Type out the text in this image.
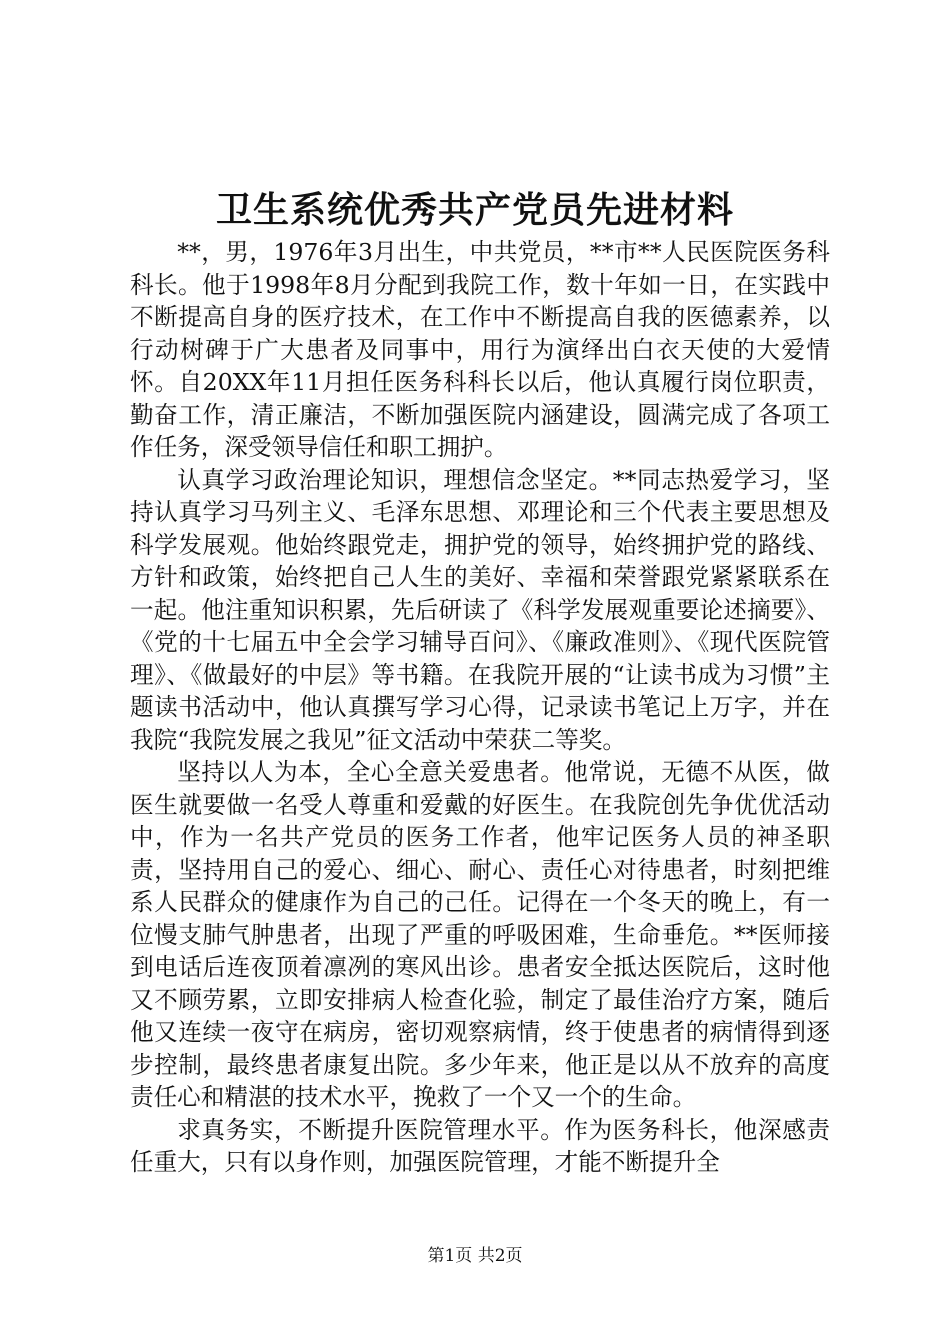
卫生系统优秀共产党员先进材料

**，男，1976年3月出生，中共党员，**市**人民医院医务科科长。他于1998年8月分配到我院工作，数十年如一日，在实践中不断提高自身的医疗技术，在工作中不断提高自我的医德素养，以行动树碑于广大患者及同事中，用行为演绎出白衣天使的大爱情怀。自20XX年11月担任医务科科长以后，他认真履行岗位职责，勤奋工作，清正廉洁，不断加强医院内涵建设，圆满完成了各项工作任务，深受领导信任和职工拥护。

认真学习政治理论知识，理想信念坚定。**同志热爱学习，坚持认真学习马列主义、毛泽东思想、邓理论和三个代表主要思想及科学发展观。他始终跟党走，拥护党的领导，始终拥护党的路线、方针和政策，始终把自己人生的美好、幸福和荣誉跟党紧紧联系在一起。他注重知识积累，先后研读了《科学发展观重要论述摘要》、《党的十七届五中全会学习辅导百问》、《廉政准则》、《现代医院管理》、《做最好的中层》等书籍。在我院开展的“让读书成为习惯”主题读书活动中，他认真撰写学习心得，记录读书笔记上万字，并在我院“我院发展之我见”征文活动中荣获二等奖。

坚持以人为本，全心全意关爱患者。他常说，无德不从医，做医生就要做一名受人尊重和爱戴的好医生。在我院创先争优优活动中，作为一名共产党员的医务工作者，他牢记医务人员的神圣职责，坚持用自己的爱心、细心、耐心、责任心对待患者，时刻把维系人民群众的健康作为自己的己任。记得在一个冬天的晚上，有一位慢支肺气肿患者，出现了严重的呼吸困难，生命垂危。**医师接到电话后连夜顶着凛冽的寒风出诊。患者安全抵达医院后，这时他又不顾劳累，立即安排病人检查化验，制定了最佳治疗方案，随后他又连续一夜守在病房，密切观察病情，终于使患者的病情得到逐步控制，最终患者康复出院。多少年来，他正是以从不放弃的高度责任心和精湛的技术水平，挽救了一个又一个的生命。

求真务实，不断提升医院管理水平。作为医务科长，他深感责任重大，只有以身作则，加强医院管理，才能不断提升全

第1页 共2页
